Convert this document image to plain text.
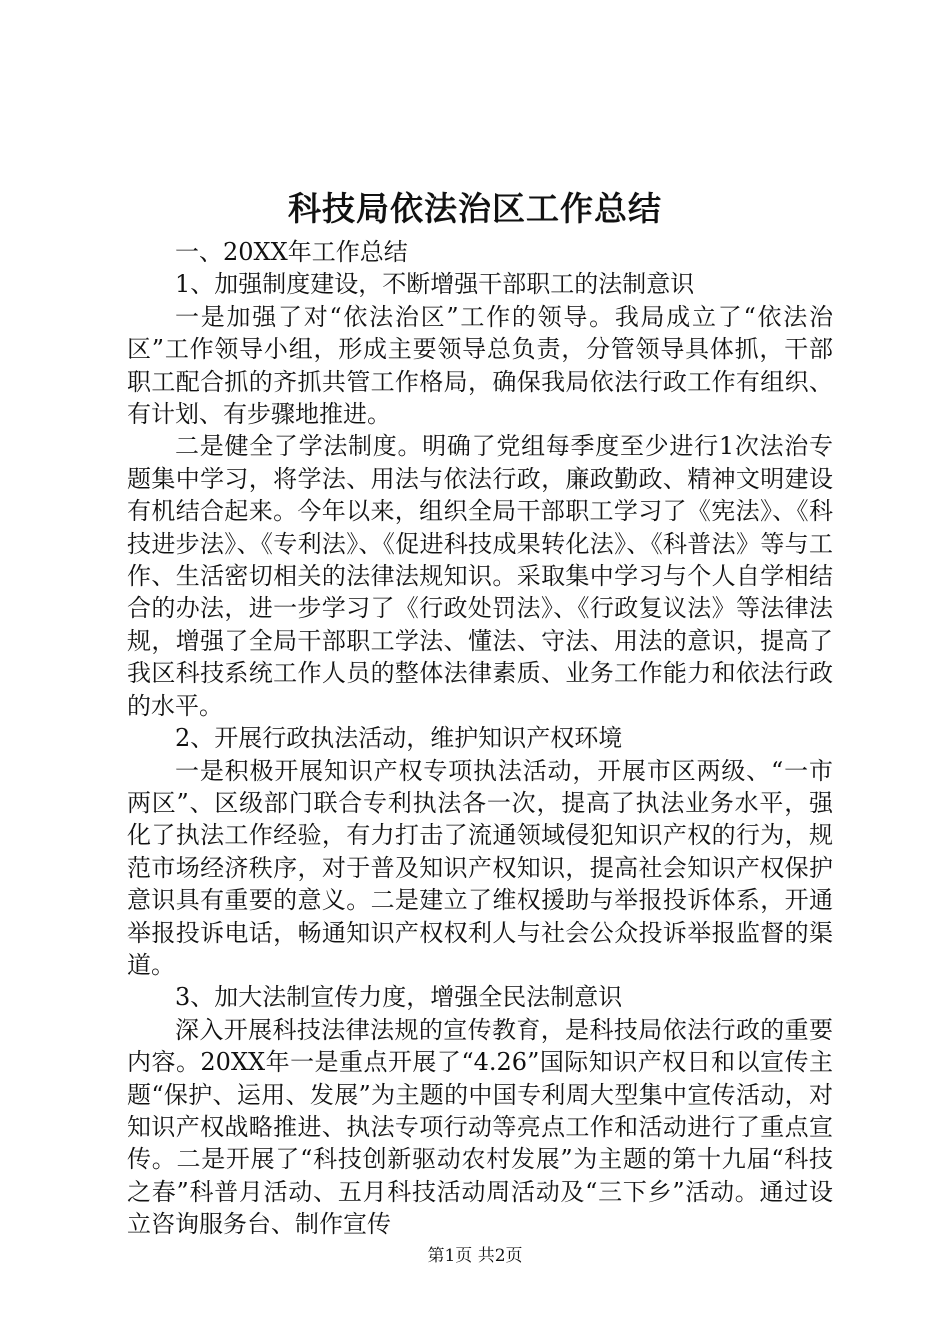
科技局依法治区工作总结

一、20XX年工作总结

1、加强制度建设，不断增强干部职工的法制意识

一是加强了对“依法治区”工作的领导。我局成立了“依法治区”工作领导小组，形成主要领导总负责，分管领导具体抓，干部职工配合抓的齐抓共管工作格局，确保我局依法行政工作有组织、有计划、有步骤地推进。

二是健全了学法制度。明确了党组每季度至少进行1次法治专题集中学习，将学法、用法与依法行政，廉政勤政、精神文明建设有机结合起来。今年以来，组织全局干部职工学习了《宪法》、《科技进步法》、《专利法》、《促进科技成果转化法》、《科普法》等与工作、生活密切相关的法律法规知识。采取集中学习与个人自学相结合的办法，进一步学习了《行政处罚法》、《行政复议法》等法律法规，增强了全局干部职工学法、懂法、守法、用法的意识，提高了我区科技系统工作人员的整体法律素质、业务工作能力和依法行政的水平。

2、开展行政执法活动，维护知识产权环境

一是积极开展知识产权专项执法活动，开展市区两级、“一市两区”、区级部门联合专利执法各一次，提高了执法业务水平，强化了执法工作经验，有力打击了流通领域侵犯知识产权的行为，规范市场经济秩序，对于普及知识产权知识，提高社会知识产权保护意识具有重要的意义。二是建立了维权援助与举报投诉体系，开通举报投诉电话，畅通知识产权权利人与社会公众投诉举报监督的渠道。

3、加大法制宣传力度，增强全民法制意识

深入开展科技法律法规的宣传教育，是科技局依法行政的重要内容。20XX年一是重点开展了“4.26”国际知识产权日和以宣传主题“保护、运用、发展”为主题的中国专利周大型集中宣传活动，对知识产权战略推进、执法专项行动等亮点工作和活动进行了重点宣传。二是开展了“科技创新驱动农村发展”为主题的第十九届“科技之春”科普月活动、五月科技活动周活动及“三下乡”活动。通过设立咨询服务台、制作宣传

第1页 共2页
